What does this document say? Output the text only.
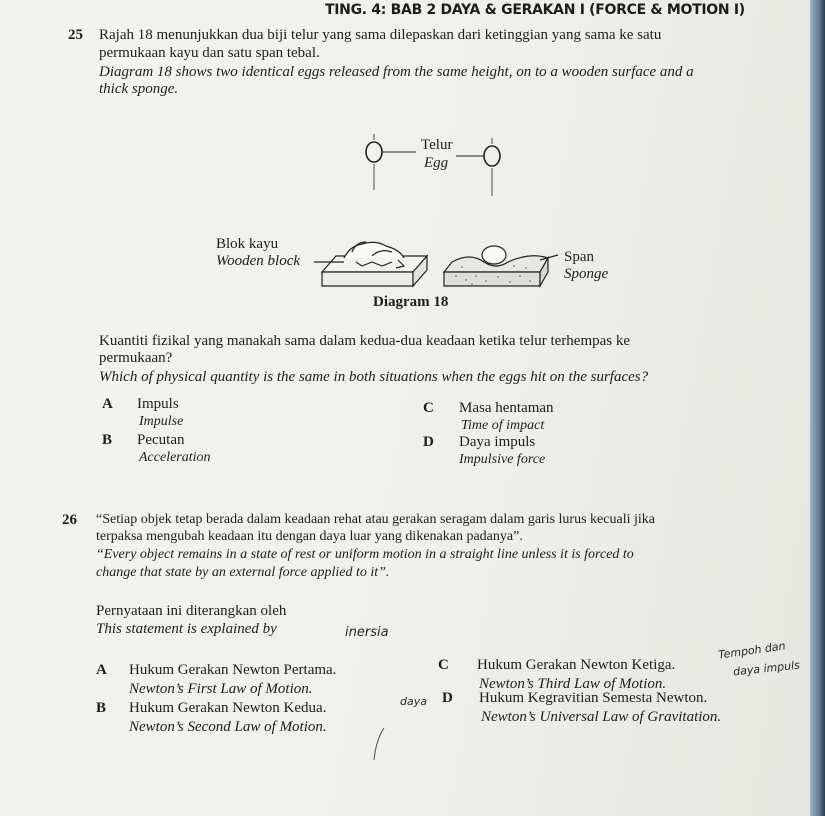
TING. 4: BAB 2 DAYA & GERAKAN I (FORCE & MOTION I)
25 Rajah 18 menunjukkan dua biji telur yang sama dilepaskan dari ketinggian yang sama ke satu
permukaan kayu dan satu span tebal.
Diagram 18 shows two identical eggs released from the same height, on to a wooden surface and a
thick sponge.
Telur
Egg
Blok kayu
Wooden block	Span
Sponge
Diagram 18
Kuantiti fizikal yang manakah sama dalam kedua-dua keadaan ketika telur terhempas ke
permukaan?
Which of physical quantity is the same in both situations when the eggs hit on the surfaces?
A Impuls
Impulse
B Pecutan
Acceleration
C Masa hentaman
Time of impact
D Daya impuls
Impulsive force
26 “Setiap objek tetap berada dalam keadaan rehat atau gerakan seragam dalam garis lurus kecuali jika
terpaksa mengubah keadaan itu dengan daya luar yang dikenakan padanya”.
“Every object remains in a state of rest or uniform motion in a straight line unless it is forced to
change that state by an external force applied to it”.
Pernyataan ini diterangkan oleh
This statement is explained by
A Hukum Gerakan Newton Pertama.
Newton’s First Law of Motion.
B Hukum Gerakan Newton Kedua.
Newton’s Second Law of Motion.
C Hukum Gerakan Newton Ketiga.
Newton’s Third Law of Motion.
D Hukum Kegravitian Semesta Newton.
Newton’s Universal Law of Gravitation.
inersia
daya
Tempoh dan
daya impuls
